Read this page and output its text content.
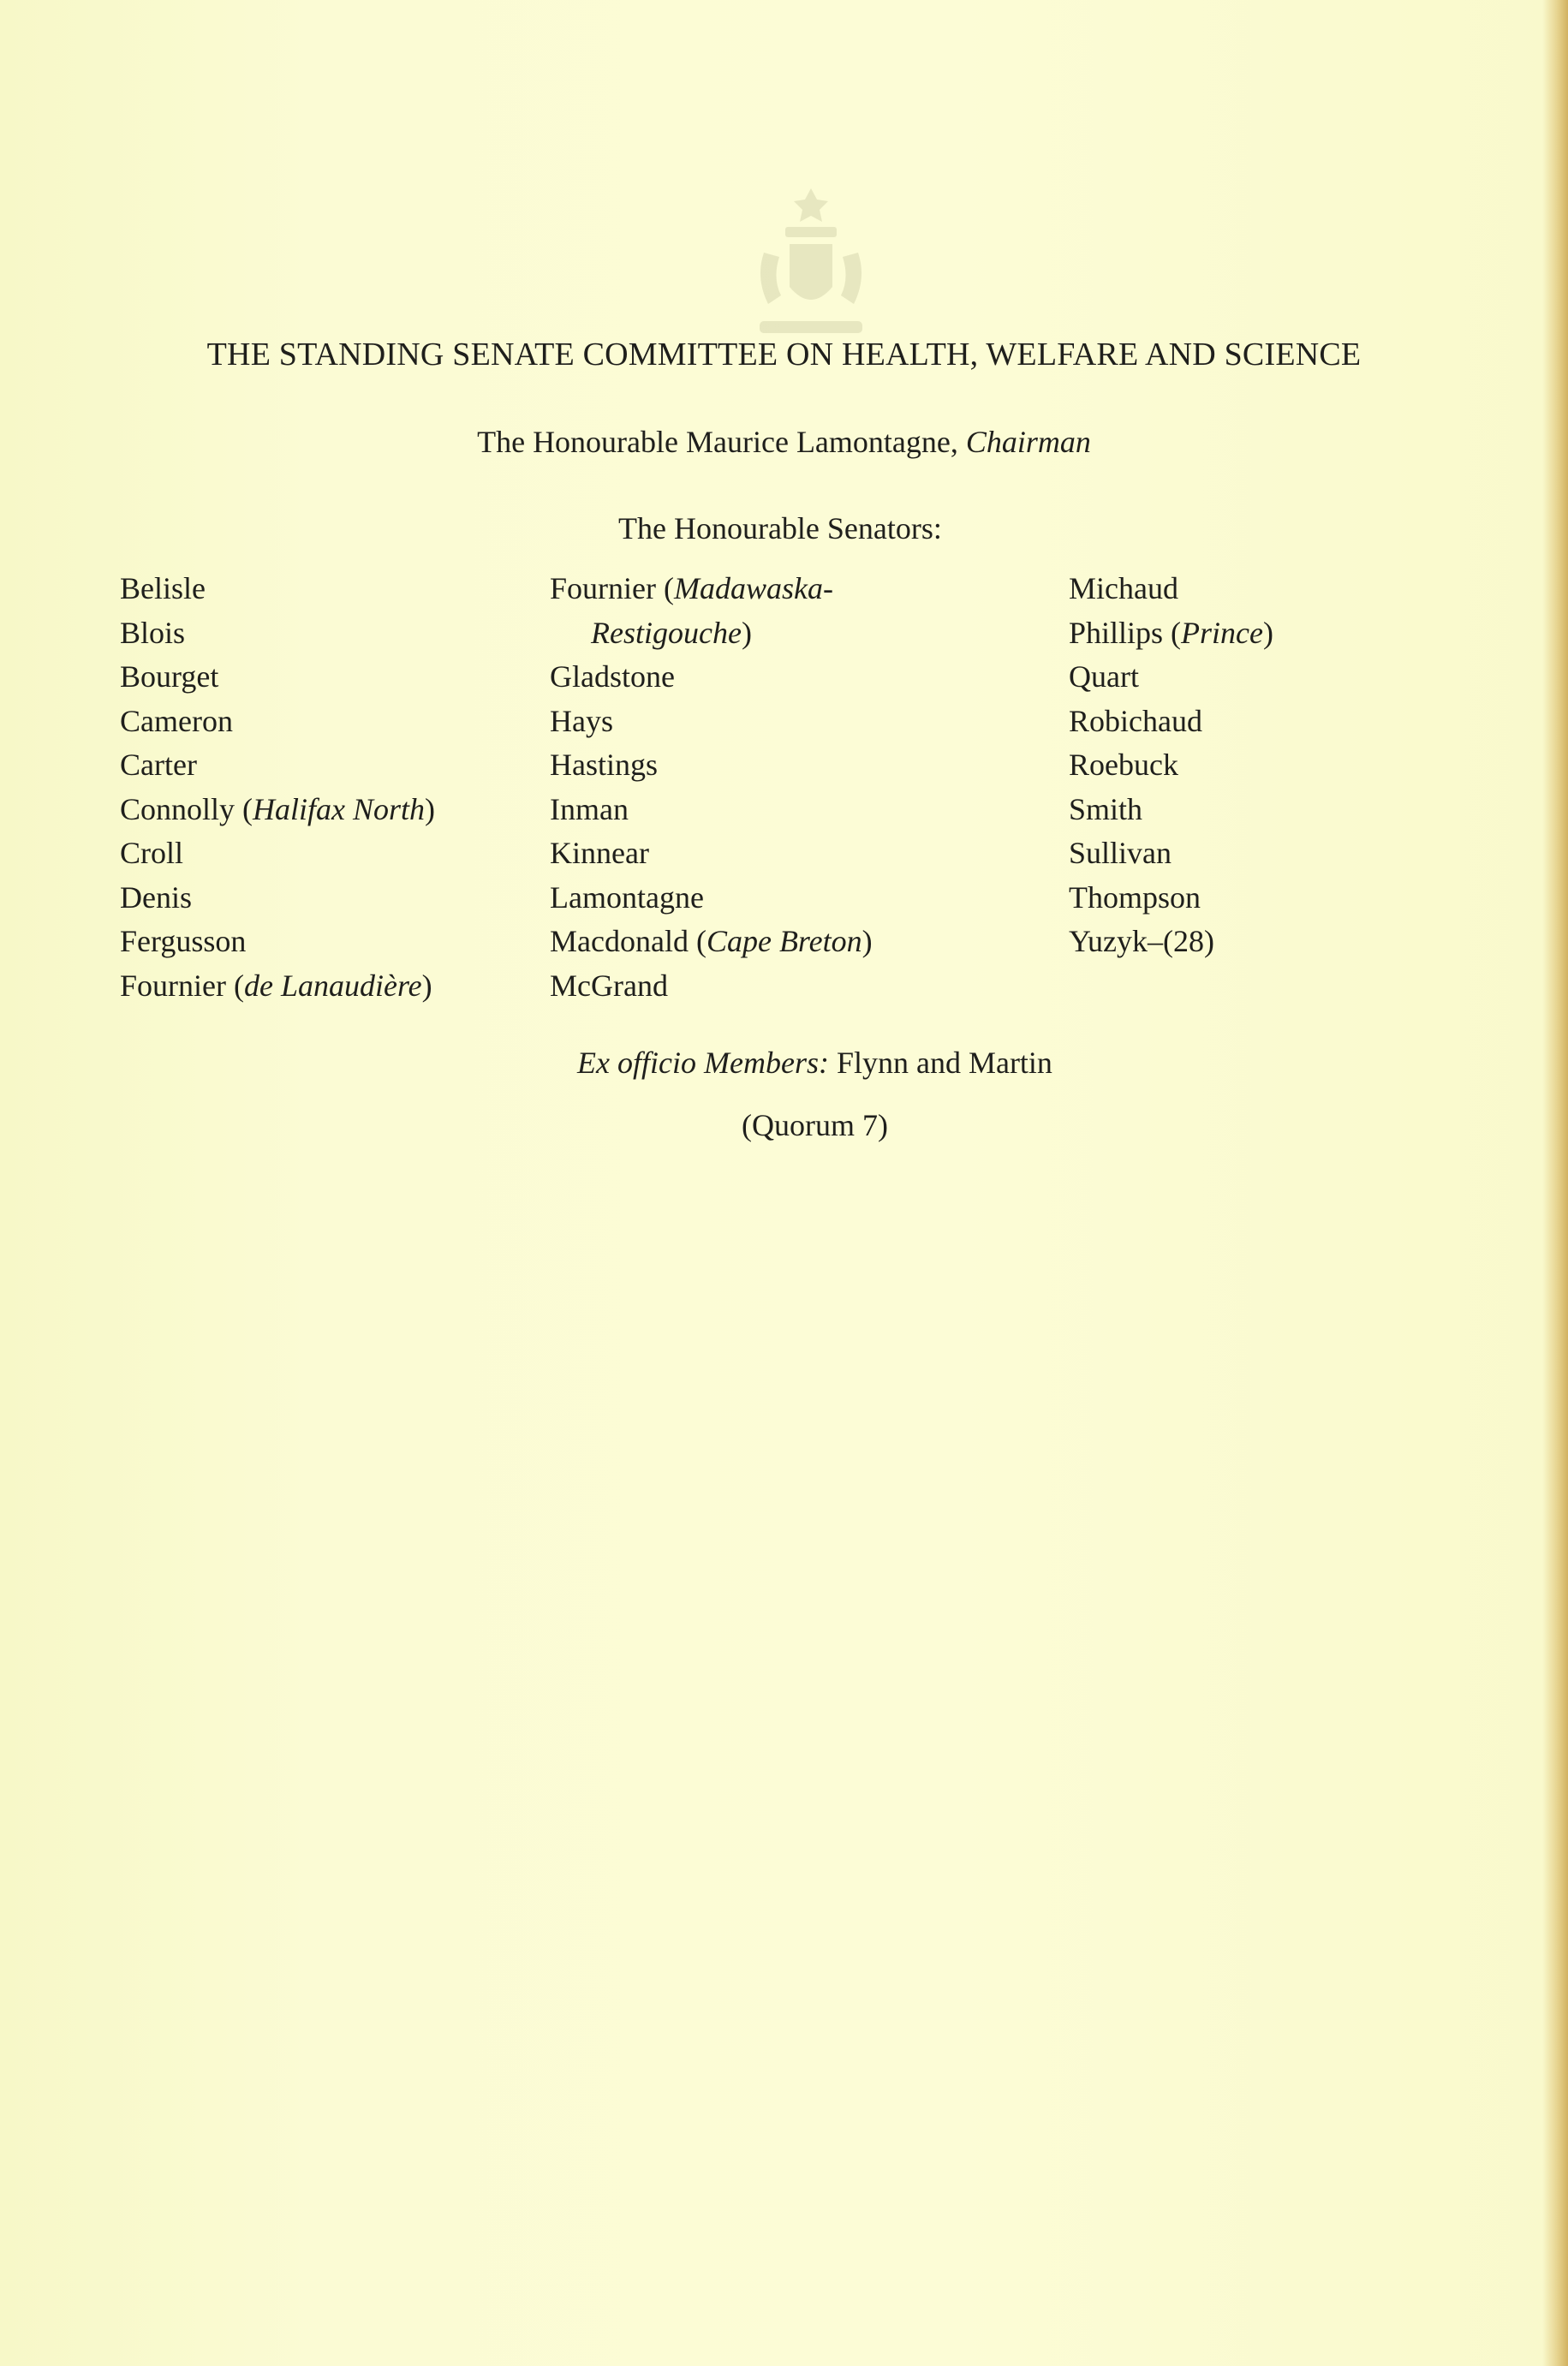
THE STANDING SENATE COMMITTEE ON HEALTH, WELFARE AND SCIENCE
The Honourable Maurice Lamontagne, Chairman
The Honourable Senators:
Belisle
Blois
Bourget
Cameron
Carter
Connolly (Halifax North)
Croll
Denis
Fergusson
Fournier (de Lanaudière)
Fournier (Madawaska-
Restigouche)
Gladstone
Hays
Hastings
Inman
Kinnear
Lamontagne
Macdonald (Cape Breton)
McGrand
Michaud
Phillips (Prince)
Quart
Robichaud
Roebuck
Smith
Sullivan
Thompson
Yuzyk–(28)
Ex officio Members: Flynn and Martin
(Quorum 7)
